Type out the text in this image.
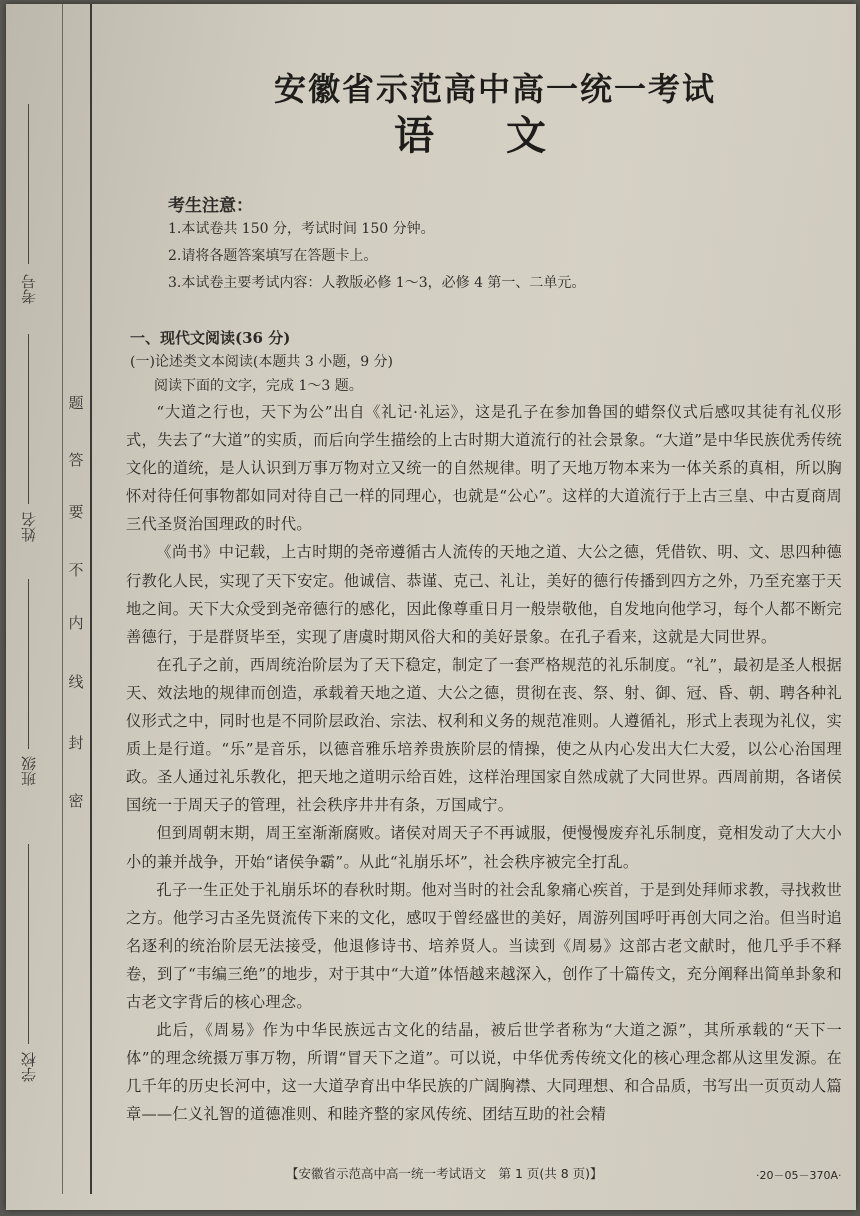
考号
姓名
班级
学校
题
答
要
不
内
线
封
密
安徽省示范高中高一统一考试
语文
考生注意：
1.本试卷共 150 分，考试时间 150 分钟。
2.请将各题答案填写在答题卡上。
3.本试卷主要考试内容：人教版必修 1～3，必修 4 第一、二单元。
一、现代文阅读(36 分)
(一)论述类文本阅读(本题共 3 小题，9 分)
阅读下面的文字，完成 1～3 题。

“大道之行也，天下为公”出自《礼记·礼运》，这是孔子在参加鲁国的蜡祭仪式后感叹其徒有礼仪形式，失去了“大道”的实质，而后向学生描绘的上古时期大道流行的社会景象。“大道”是中华民族优秀传统文化的道统，是人认识到万事万物对立又统一的自然规律。明了天地万物本来为一体关系的真相，所以胸怀对待任何事物都如同对待自己一样的同理心，也就是“公心”。这样的大道流行于上古三皇、中古夏商周三代圣贤治国理政的时代。

《尚书》中记载，上古时期的尧帝遵循古人流传的天地之道、大公之德，凭借钦、明、文、思四种德行教化人民，实现了天下安定。他诚信、恭谨、克己、礼让，美好的德行传播到四方之外，乃至充塞于天地之间。天下大众受到尧帝德行的感化，因此像尊重日月一般崇敬他，自发地向他学习，每个人都不断完善德行，于是群贤毕至，实现了唐虞时期风俗大和的美好景象。在孔子看来，这就是大同世界。

在孔子之前，西周统治阶层为了天下稳定，制定了一套严格规范的礼乐制度。“礼”，最初是圣人根据天、效法地的规律而创造，承载着天地之道、大公之德，贯彻在丧、祭、射、御、冠、昏、朝、聘各种礼仪形式之中，同时也是不同阶层政治、宗法、权利和义务的规范准则。人遵循礼，形式上表现为礼仪，实质上是行道。“乐”是音乐，以德音雅乐培养贵族阶层的情操，使之从内心发出大仁大爱，以公心治国理政。圣人通过礼乐教化，把天地之道明示给百姓，这样治理国家自然成就了大同世界。西周前期，各诸侯国统一于周天子的管理，社会秩序井井有条，万国咸宁。

但到周朝末期，周王室渐渐腐败。诸侯对周天子不再诚服，便慢慢废弃礼乐制度，竟相发动了大大小小的兼并战争，开始“诸侯争霸”。从此“礼崩乐坏”，社会秩序被完全打乱。

孔子一生正处于礼崩乐坏的春秋时期。他对当时的社会乱象痛心疾首，于是到处拜师求教，寻找救世之方。他学习古圣先贤流传下来的文化，感叹于曾经盛世的美好，周游列国呼吁再创大同之治。但当时追名逐利的统治阶层无法接受，他退修诗书、培养贤人。当读到《周易》这部古老文献时，他几乎手不释卷，到了“韦编三绝”的地步，对于其中“大道”体悟越来越深入，创作了十篇传文，充分阐释出简单卦象和古老文字背后的核心理念。

此后，《周易》作为中华民族远古文化的结晶，被后世学者称为“大道之源”，其所承载的“天下一体”的理念统摄万事万物，所谓“冒天下之道”。可以说，中华优秀传统文化的核心理念都从这里发源。在几千年的历史长河中，这一大道孕育出中华民族的广阔胸襟、大同理想、和合品质，书写出一页页动人篇章——仁义礼智的道德准则、和睦齐整的家风传统、团结互助的社会精

【安徽省示范高中高一统一考试语文　第 1 页(共 8 页)】	·20－05－370A·
